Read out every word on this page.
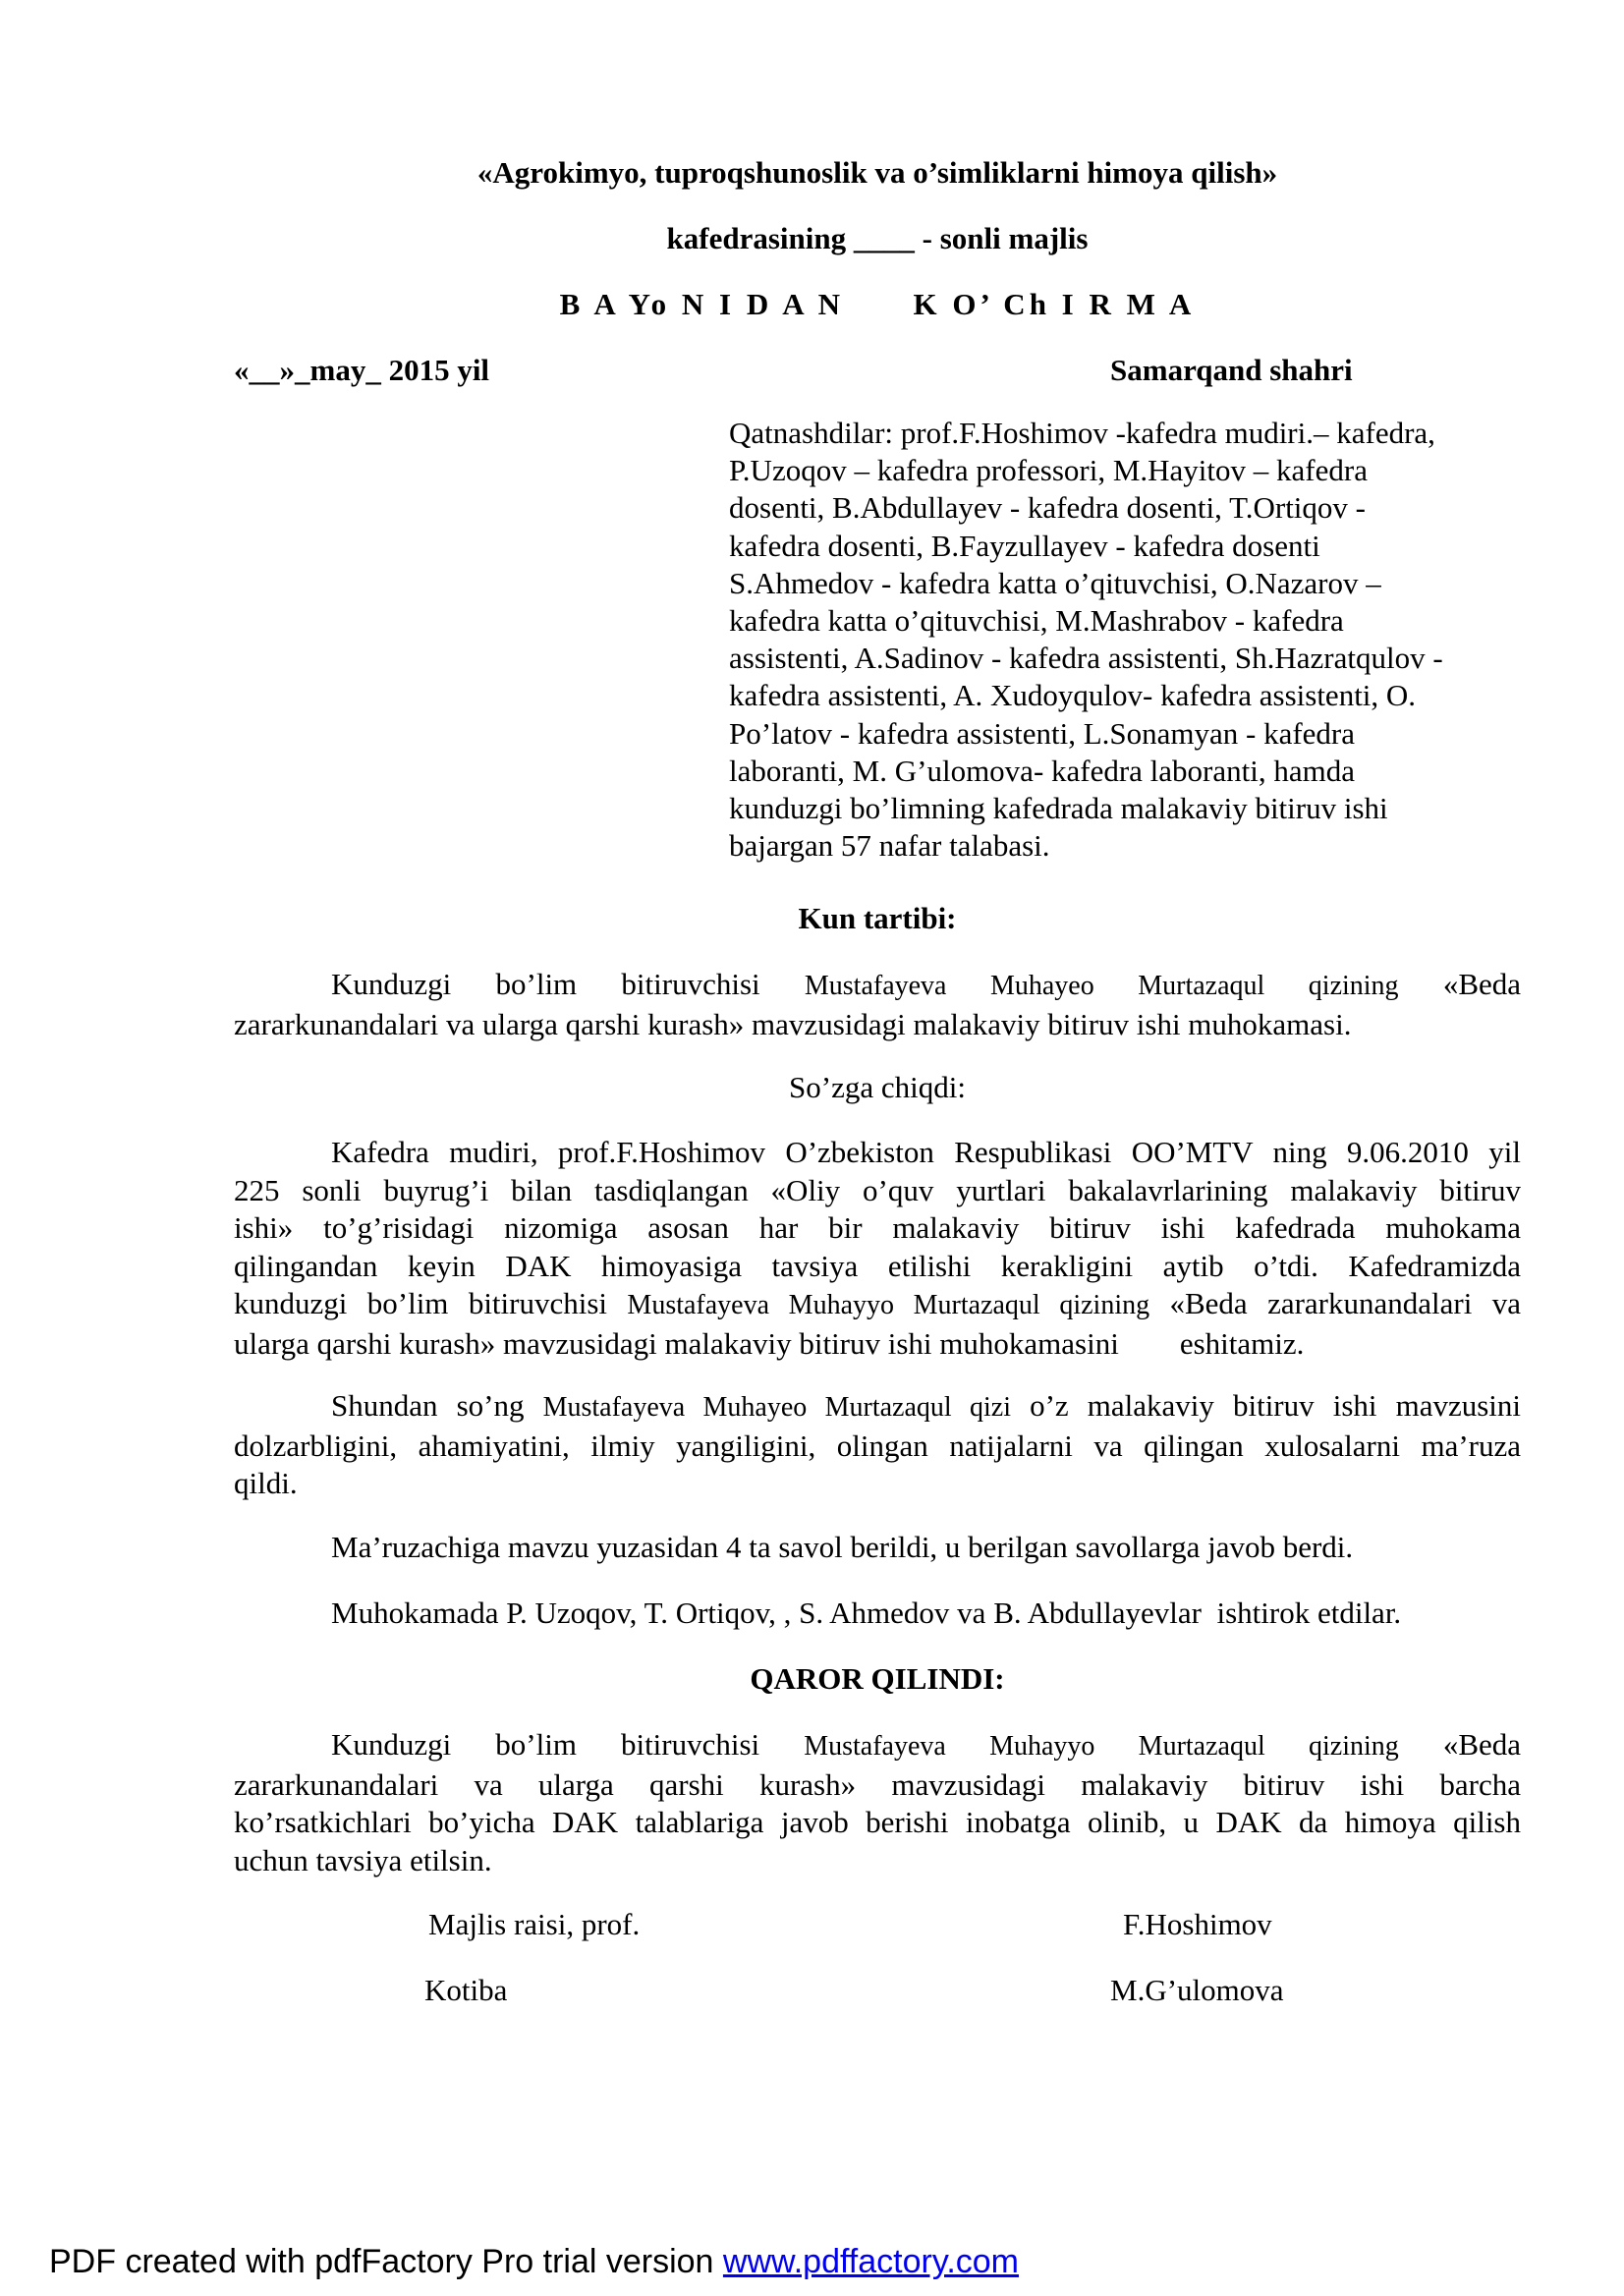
«Agrokimyo, tuproqshunoslik va o’simliklarni himoya qilish»
kafedrasining ____ - sonli majlis
B A Yo N I D A N      K O’ Ch I R M A
«__»_may_ 2015 yil	Samarqand shahri
Qatnashdilar: prof.F.Hoshimov -kafedra mudiri.– kafedra,
P.Uzoqov – kafedra professori, M.Hayitov – kafedra
dosenti, B.Abdullayev - kafedra dosenti, T.Ortiqov -
kafedra dosenti, B.Fayzullayev - kafedra dosenti
S.Ahmedov - kafedra katta o’qituvchisi, O.Nazarov –
kafedra katta o’qituvchisi, M.Mashrabov - kafedra
assistenti, A.Sadinov - kafedra assistenti, Sh.Hazratqulov -
kafedra assistenti, A. Xudoyqulov- kafedra assistenti, O.
Po’latov - kafedra assistenti, L.Sonamyan - kafedra
laboranti, M. G’ulomova- kafedra laboranti, hamda
kunduzgi bo’limning kafedrada malakaviy bitiruv ishi
bajargan 57 nafar talabasi.
Kun tartibi:
Kunduzgi bo’lim bitiruvchisi Mustafayeva Muhayeo Murtazaqul qizining «Beda
zararkunandalari va ularga qarshi kurash» mavzusidagi malakaviy bitiruv ishi muhokamasi.
So’zga chiqdi:
Kafedra mudiri, prof.F.Hoshimov O’zbekiston Respublikasi OO’MTV ning 9.06.2010 yil
225 sonli buyrug’i bilan tasdiqlangan «Oliy o’quv yurtlari bakalavrlarining malakaviy bitiruv
ishi» to’g’risidagi nizomiga asosan har bir malakaviy bitiruv ishi kafedrada muhokama
qilingandan keyin DAK himoyasiga tavsiya etilishi kerakligini aytib o’tdi. Kafedramizda
kunduzgi bo’lim bitiruvchisi Mustafayeva Muhayyo Murtazaqul qizining «Beda zararkunandalari va
ularga qarshi kurash» mavzusidagi malakaviy bitiruv ishi muhokamasini        eshitamiz.
Shundan so’ng Mustafayeva Muhayeo Murtazaqul qizi o’z malakaviy bitiruv ishi mavzusini
dolzarbligini, ahamiyatini, ilmiy yangiligini, olingan natijalarni va qilingan xulosalarni ma’ruza
qildi.
Ma’ruzachiga mavzu yuzasidan 4 ta savol berildi, u berilgan savollarga javob berdi.
Muhokamada P. Uzoqov, T. Ortiqov, , S. Ahmedov va B. Abdullayevlar  ishtirok etdilar.
QAROR QILINDI:
Kunduzgi bo’lim bitiruvchisi Mustafayeva Muhayyo Murtazaqul qizining «Beda
zararkunandalari va ularga qarshi kurash» mavzusidagi malakaviy bitiruv ishi barcha
ko’rsatkichlari bo’yicha DAK talablariga javob berishi inobatga olinib, u DAK da himoya qilish
uchun tavsiya etilsin.
Majlis raisi, prof.	F.Hoshimov
Kotiba	M.G’ulomova
PDF created with pdfFactory Pro trial version www.pdffactory.com
